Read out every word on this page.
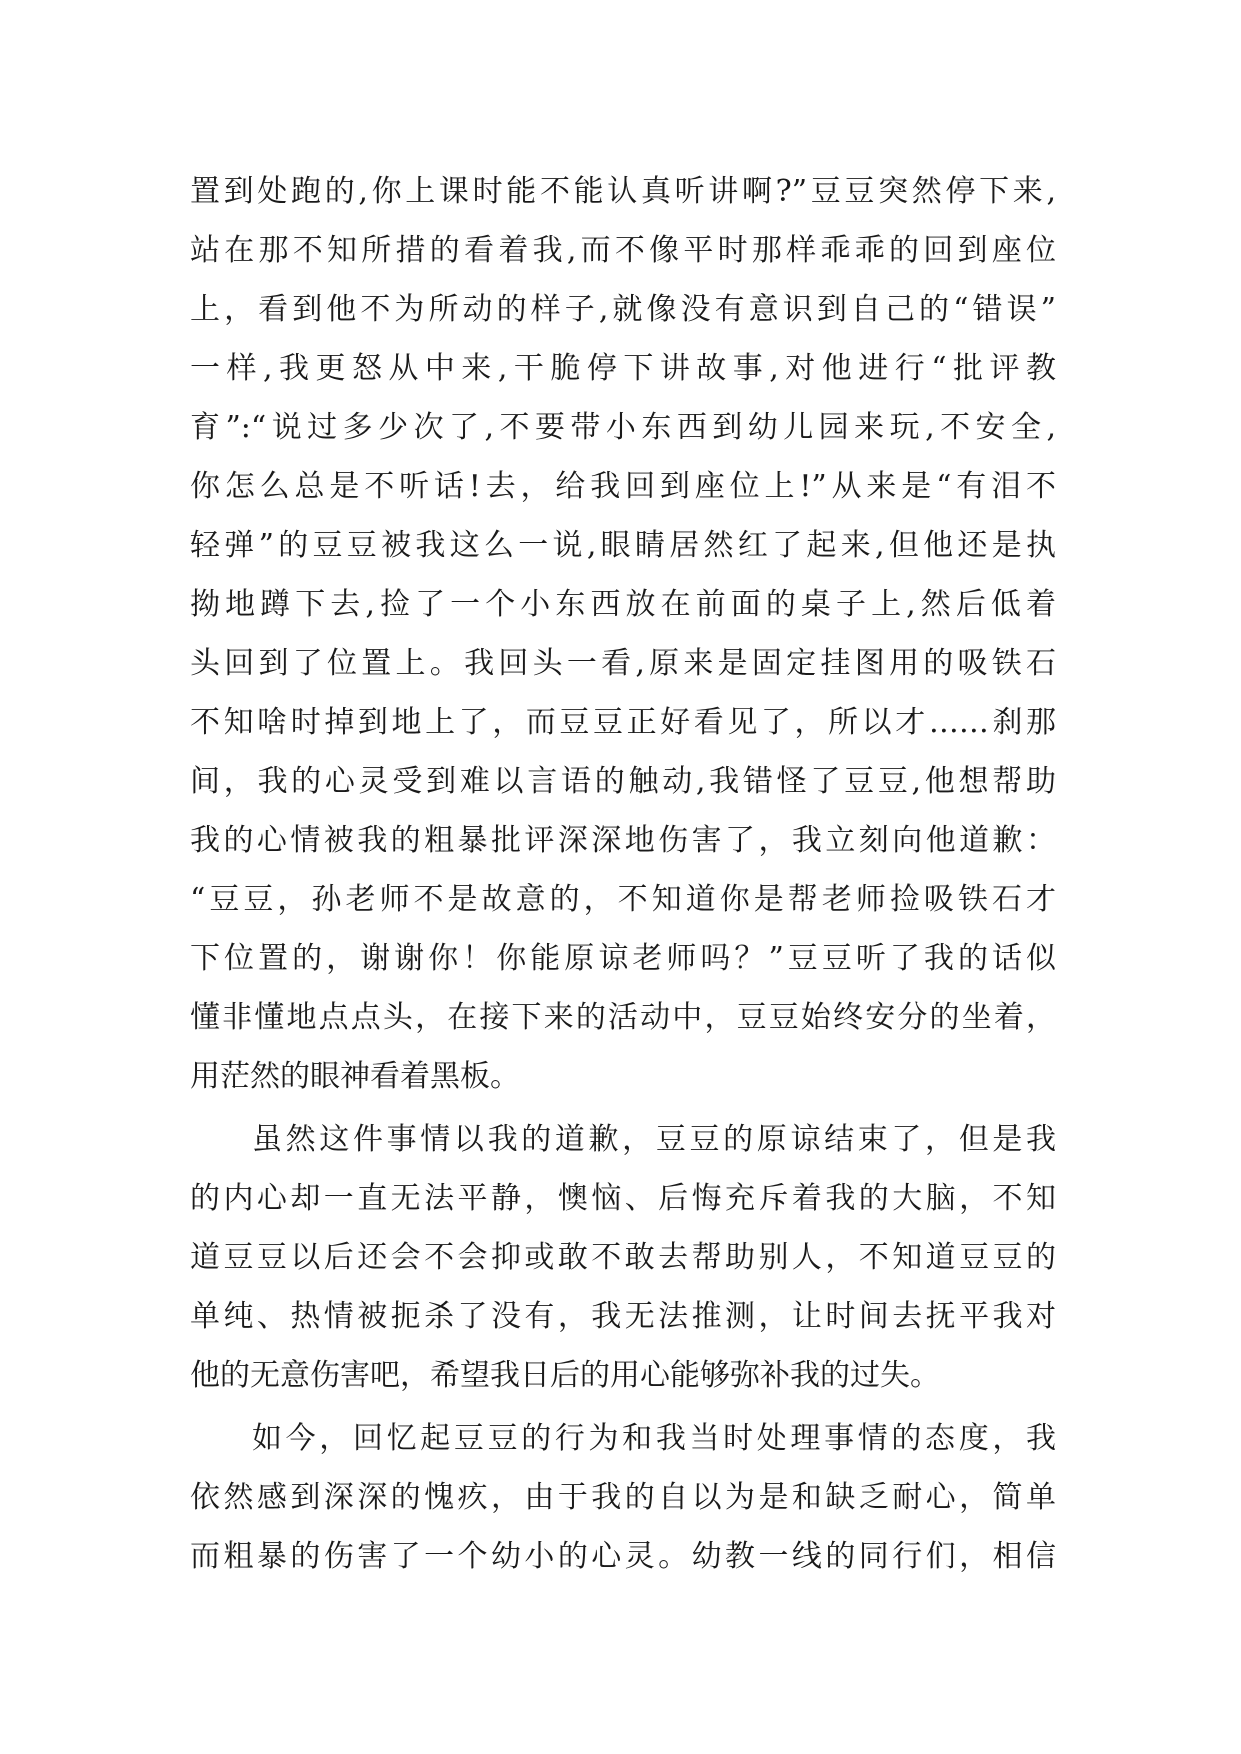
置到处跑的,你上课时能不能认真听讲啊?”豆豆突然停下来,
站在那不知所措的看着我,而不像平时那样乖乖的回到座位
上，看到他不为所动的样子,就像没有意识到自己的“错误”
一样,我更怒从中来,干脆停下讲故事,对他进行“批评教
育”:“说过多少次了,不要带小东西到幼儿园来玩,不安全,
你怎么总是不听话!去，给我回到座位上!”从来是“有泪不
轻弹”的豆豆被我这么一说,眼睛居然红了起来,但他还是执
拗地蹲下去,捡了一个小东西放在前面的桌子上,然后低着
头回到了位置上。我回头一看,原来是固定挂图用的吸铁石
不知啥时掉到地上了，而豆豆正好看见了，所以才……刹那
间，我的心灵受到难以言语的触动,我错怪了豆豆,他想帮助
我的心情被我的粗暴批评深深地伤害了，我立刻向他道歉：
“豆豆，孙老师不是故意的，不知道你是帮老师捡吸铁石才
下位置的，谢谢你！你能原谅老师吗？”豆豆听了我的话似
懂非懂地点点头，在接下来的活动中，豆豆始终安分的坐着，
用茫然的眼神看着黑板。
虽然这件事情以我的道歉，豆豆的原谅结束了，但是我
的内心却一直无法平静，懊恼、后悔充斥着我的大脑，不知
道豆豆以后还会不会抑或敢不敢去帮助别人，不知道豆豆的
单纯、热情被扼杀了没有，我无法推测，让时间去抚平我对
他的无意伤害吧，希望我日后的用心能够弥补我的过失。
如今，回忆起豆豆的行为和我当时处理事情的态度，我
依然感到深深的愧疚，由于我的自以为是和缺乏耐心，简单
而粗暴的伤害了一个幼小的心灵。幼教一线的同行们，相信
